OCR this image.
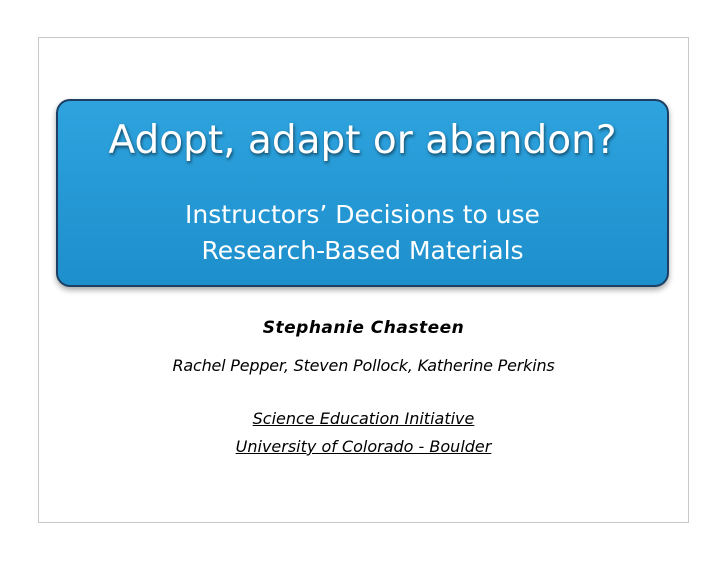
Adopt, adapt or abandon?
Instructors’ Decisions to use
Research-Based Materials
Stephanie Chasteen
Rachel Pepper, Steven Pollock, Katherine Perkins
Science Education Initiative
University of Colorado - Boulder
